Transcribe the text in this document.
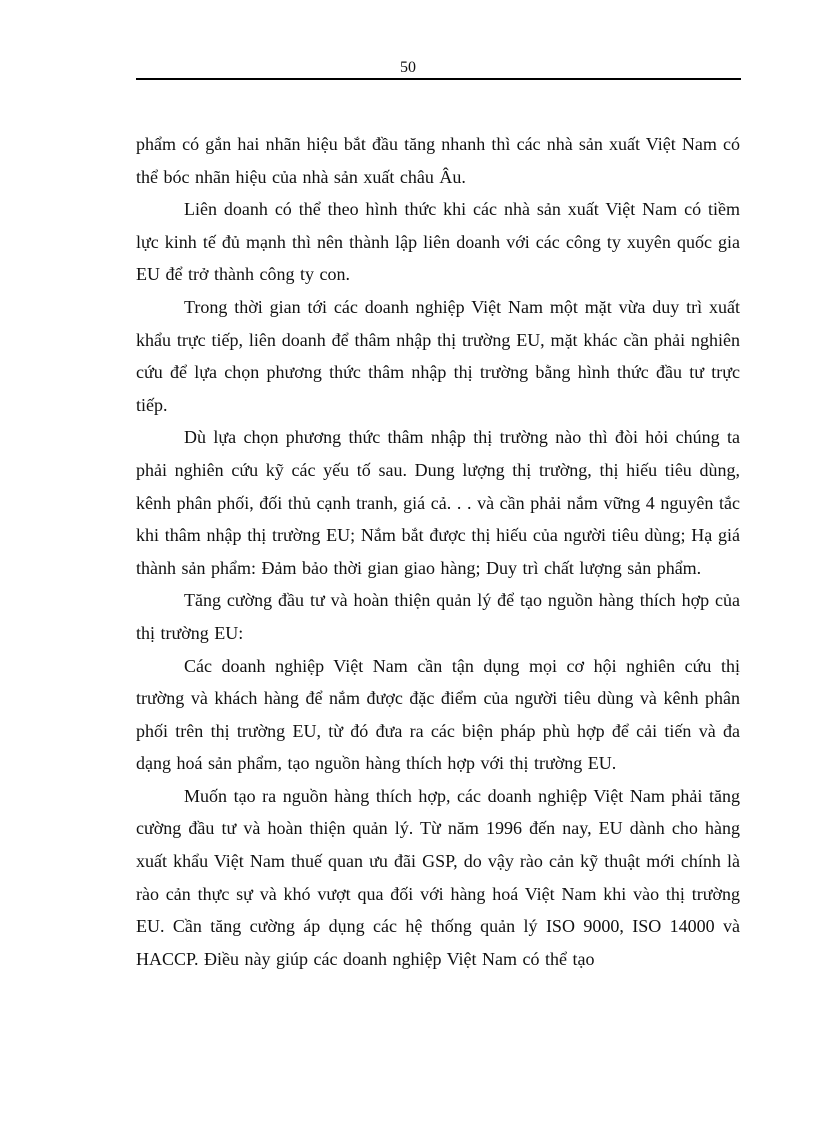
50

phẩm có gắn hai nhãn hiệu bắt đầu tăng nhanh thì các nhà sản xuất Việt Nam có thể bóc nhãn hiệu của nhà sản xuất châu Âu.

Liên doanh có thể theo hình thức khi các nhà sản xuất Việt Nam có tiềm lực kinh tế đủ mạnh thì nên thành lập liên doanh với các công ty xuyên quốc gia EU để trở thành công ty con.

Trong thời gian tới các doanh nghiệp Việt Nam một mặt vừa duy trì xuất khẩu trực tiếp, liên doanh để thâm nhập thị trường EU, mặt khác cần phải nghiên cứu để lựa chọn phương thức thâm nhập thị trường bằng hình thức đầu tư trực tiếp.

Dù lựa chọn phương thức thâm nhập thị trường nào thì đòi hỏi chúng ta phải nghiên cứu kỹ các yếu tố sau. Dung lượng thị trường, thị hiếu tiêu dùng, kênh phân phối, đối thủ cạnh tranh, giá cả. . . và cần phải nắm vững 4 nguyên tắc khi thâm nhập thị trường EU; Nắm bắt được thị hiếu của người tiêu dùng; Hạ giá thành sản phẩm: Đảm bảo thời gian giao hàng; Duy trì chất lượng sản phẩm.

Tăng cường đầu tư và hoàn thiện quản lý để tạo nguồn hàng thích hợp của thị trường EU:

Các doanh nghiệp Việt Nam cần tận dụng mọi cơ hội nghiên cứu thị trường và khách hàng để nắm được đặc điểm của người tiêu dùng và kênh phân phối trên thị trường EU, từ đó đưa ra các biện pháp phù hợp để cải tiến và đa dạng hoá sản phẩm, tạo nguồn hàng thích hợp với thị trường EU.

Muốn tạo ra nguồn hàng thích hợp, các doanh nghiệp Việt Nam phải tăng cường đầu tư và hoàn thiện quản lý. Từ năm 1996 đến nay, EU dành cho hàng xuất khẩu Việt Nam thuế quan ưu đãi GSP, do vậy rào cản kỹ thuật mới chính là rào cản thực sự và khó vượt qua đối với hàng hoá Việt Nam khi vào thị trường EU. Cần tăng cường áp dụng các hệ thống quản lý ISO 9000, ISO 14000 và HACCP. Điều này giúp các doanh nghiệp Việt Nam có thể tạo
